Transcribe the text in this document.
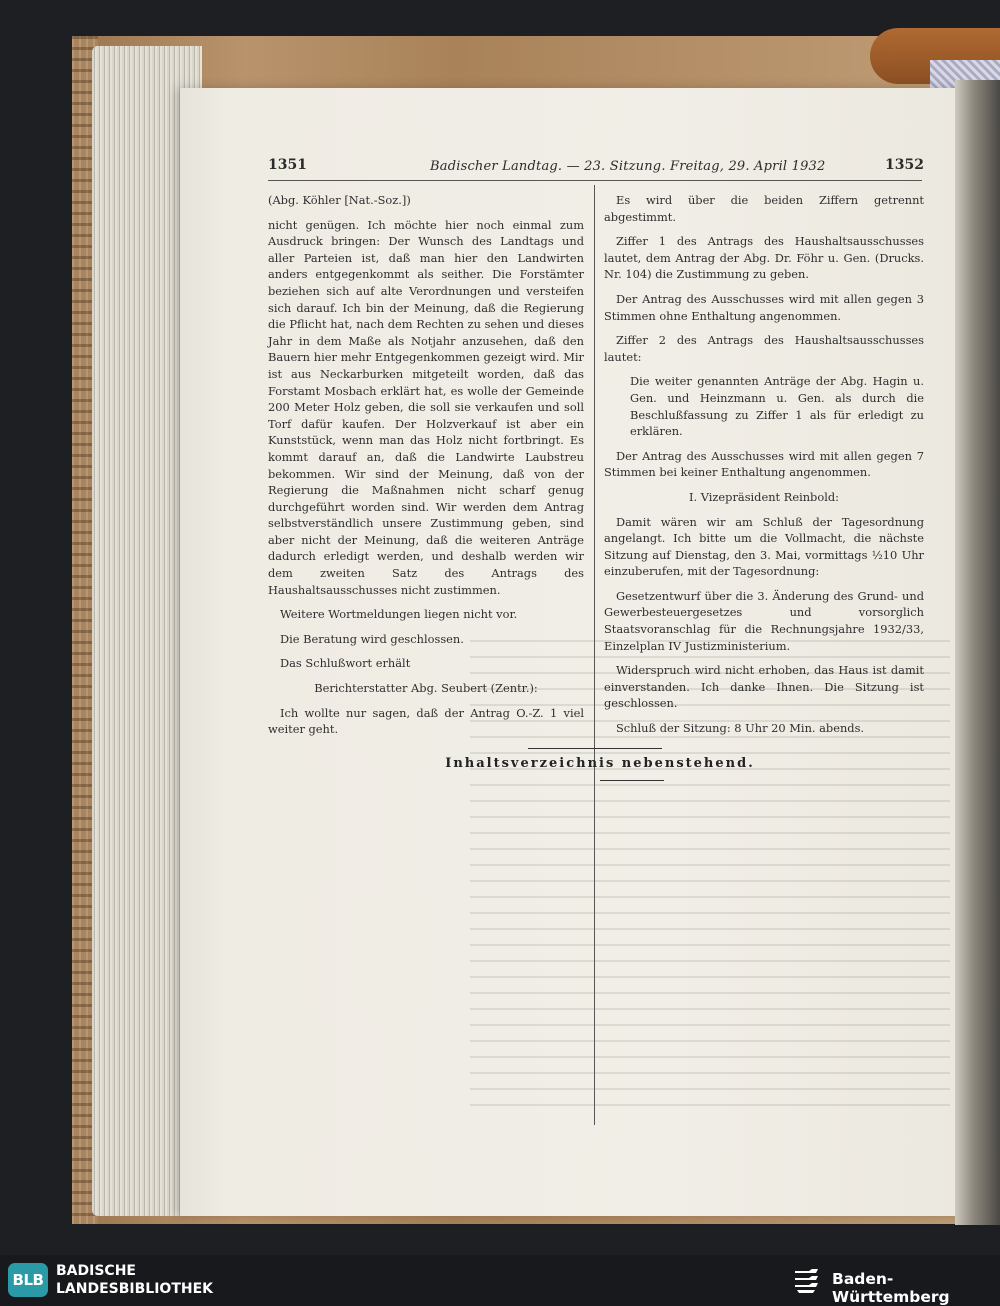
1351	Badischer Landtag. — 23. Sitzung. Freitag, 29. April 1932	1352

(Abg. Köhler [Nat.-Soz.])

nicht genügen. Ich möchte hier noch einmal zum Ausdruck bringen: Der Wunsch des Landtags und aller Parteien ist, daß man hier den Landwirten anders entgegenkommt als seither. Die Forstämter beziehen sich auf alte Verordnungen und versteifen sich darauf. Ich bin der Meinung, daß die Regierung die Pflicht hat, nach dem Rechten zu sehen und dieses Jahr in dem Maße als Notjahr anzusehen, daß den Bauern hier mehr Entgegenkommen gezeigt wird. Mir ist aus Neckarburken mitgeteilt worden, daß das Forstamt Mosbach erklärt hat, es wolle der Gemeinde 200 Meter Holz geben, die soll sie verkaufen und soll Torf dafür kaufen. Der Holzverkauf ist aber ein Kunststück, wenn man das Holz nicht fortbringt. Es kommt darauf an, daß die Landwirte Laubstreu bekommen. Wir sind der Meinung, daß von der Regierung die Maßnahmen nicht scharf genug durchgeführt worden sind. Wir werden dem Antrag selbstverständlich unsere Zustimmung geben, sind aber nicht der Meinung, daß die weiteren Anträge dadurch erledigt werden, und deshalb werden wir dem zweiten Satz des Antrags des Haushaltsausschusses nicht zustimmen.

Weitere Wortmeldungen liegen nicht vor.

Die Beratung wird geschlossen.

Das Schlußwort erhält

Berichterstatter Abg. Seubert (Zentr.):

Ich wollte nur sagen, daß der Antrag O.-Z. 1 viel weiter geht.

Es wird über die beiden Ziffern getrennt abgestimmt.

Ziffer 1 des Antrags des Haushaltsausschusses lautet, dem Antrag der Abg. Dr. Föhr u. Gen. (Drucks. Nr. 104) die Zustimmung zu geben.

Der Antrag des Ausschusses wird mit allen gegen 3 Stimmen ohne Enthaltung angenommen.

Ziffer 2 des Antrags des Haushaltsausschusses lautet:

Die weiter genannten Anträge der Abg. Hagin u. Gen. und Heinzmann u. Gen. als durch die Beschlußfassung zu Ziffer 1 als für erledigt zu erklären.

Der Antrag des Ausschusses wird mit allen gegen 7 Stimmen bei keiner Enthaltung angenommen.

I. Vizepräsident Reinbold:

Damit wären wir am Schluß der Tagesordnung angelangt. Ich bitte um die Vollmacht, die nächste Sitzung auf Dienstag, den 3. Mai, vormittags ½10 Uhr einzuberufen, mit der Tagesordnung:

Gesetzentwurf über die 3. Änderung des Grund- und Gewerbesteuergesetzes und vorsorglich Staatsvoranschlag für die Rechnungsjahre 1932/33, Einzelplan IV Justizministerium.

Widerspruch wird nicht erhoben, das Haus ist damit einverstanden. Ich danke Ihnen. Die Sitzung ist geschlossen.

Schluß der Sitzung: 8 Uhr 20 Min. abends.

Inhaltsverzeichnis nebenstehend.
BLB BADISCHE
LANDESBIBLIOTHEK
Baden-Württemberg
